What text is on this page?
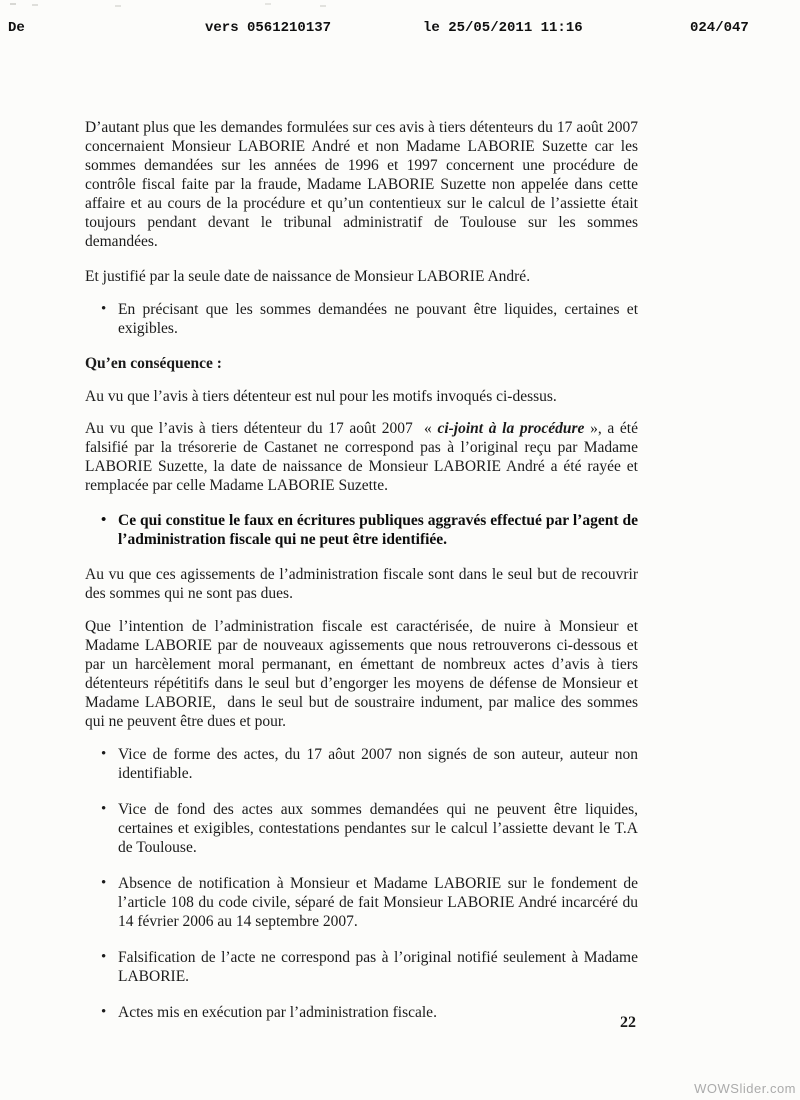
De	vers 0561210137	le 25/05/2011 11:16	024/047

D’autant plus que les demandes formulées sur ces avis à tiers détenteurs du 17 août 2007 concernaient Monsieur LABORIE André et non Madame LABORIE Suzette car les sommes demandées sur les années de 1996 et 1997 concernent une procédure de contrôle fiscal faite par la fraude, Madame LABORIE Suzette non appelée dans cette affaire et au cours de la procédure et qu’un contentieux sur le calcul de l’assiette était toujours pendant devant le tribunal administratif de Toulouse sur les sommes demandées.

Et justifié par la seule date de naissance de Monsieur LABORIE André.

• En précisant que les sommes demandées ne pouvant être liquides, certaines et exigibles.

Qu’en conséquence :

Au vu que l’avis à tiers détenteur est nul pour les motifs invoqués ci-dessus.

Au vu que l’avis à tiers détenteur du 17 août 2007  « ci-joint à la procédure », a été falsifié par la trésorerie de Castanet ne correspond pas à l’original reçu par Madame LABORIE Suzette, la date de naissance de Monsieur LABORIE André a été rayée et remplacée par celle Madame LABORIE Suzette.

• Ce qui constitue le faux en écritures publiques aggravés effectué par l’agent de l’administration fiscale qui ne peut être identifiée.

Au vu que ces agissements de l’administration fiscale sont dans le seul but de recouvrir des sommes qui ne sont pas dues.

Que l’intention de l’administration fiscale est caractérisée, de nuire à Monsieur et Madame LABORIE par de nouveaux agissements que nous retrouverons ci-dessous et par un harcèlement moral permanant, en émettant de nombreux actes d’avis à tiers détenteurs répétitifs dans le seul but d’engorger les moyens de défense de Monsieur et Madame LABORIE,  dans le seul but de soustraire indument, par malice des sommes qui ne peuvent être dues et pour.

• Vice de forme des actes, du 17 aôut 2007 non signés de son auteur, auteur non identifiable.
• Vice de fond des actes aux sommes demandées qui ne peuvent être liquides, certaines et exigibles, contestations pendantes sur le calcul l’assiette devant le T.A de Toulouse.
• Absence de notification à Monsieur et Madame LABORIE sur le fondement de l’article 108 du code civile, séparé de fait Monsieur LABORIE André incarcéré du 14 février 2006 au 14 septembre 2007.
• Falsification de l’acte ne correspond pas à l’original notifié seulement à Madame LABORIE.
• Actes mis en exécution par l’administration fiscale.
22
WOWSlider.com
